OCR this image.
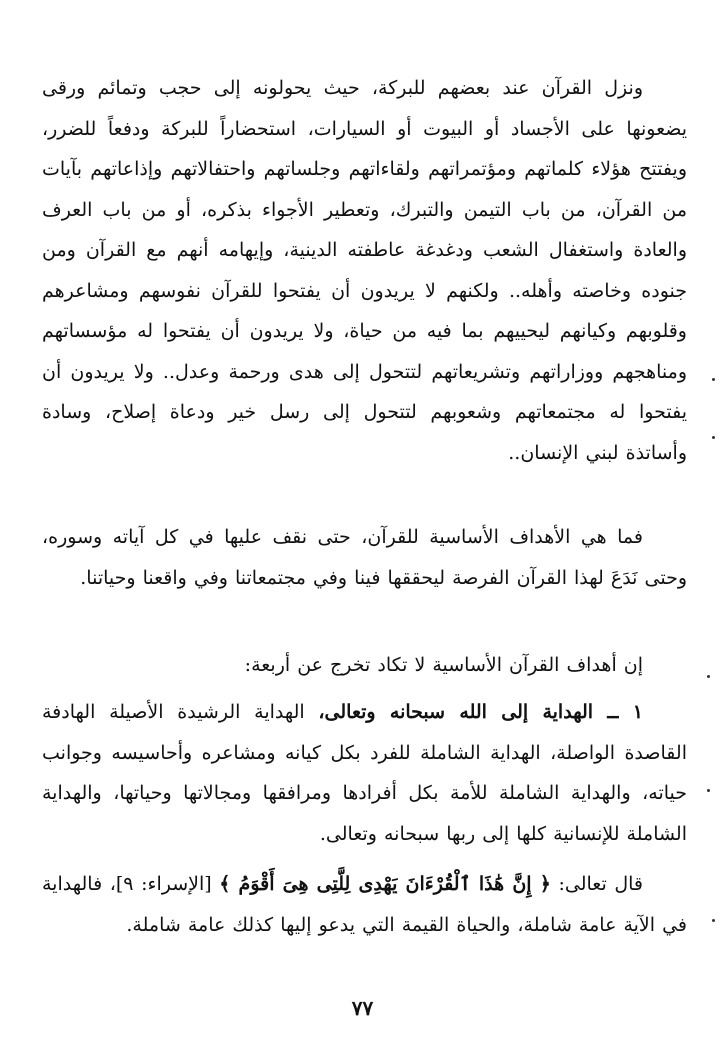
ونزل القرآن عند بعضهم للبركة، حيث يحولونه إلى حجب وتمائم ورقى يضعونها على الأجساد أو البيوت أو السيارات، استحضاراً للبركة ودفعاً للضرر، ويفتتح هؤلاء كلماتهم ومؤتمراتهم ولقاءاتهم وجلساتهم واحتفالاتهم وإذاعاتهم بآيات من القرآن، من باب التيمن والتبرك، وتعطير الأجواء بذكره، أو من باب العرف والعادة واستغفال الشعب ودغدغة عاطفته الدينية، وإيهامه أنهم مع القرآن ومن جنوده وخاصته وأهله.. ولكنهم لا يريدون أن يفتحوا للقرآن نفوسهم ومشاعرهم وقلوبهم وكيانهم ليحييهم بما فيه من حياة، ولا يريدون أن يفتحوا له مؤسساتهم ومناهجهم ووزاراتهم وتشريعاتهم لتتحول إلى هدى ورحمة وعدل.. ولا يريدون أن يفتحوا له مجتمعاتهم وشعوبهم لتتحول إلى رسل خير ودعاة إصلاح، وسادة وأساتذة لبني الإنسان..

فما هي الأهداف الأساسية للقرآن، حتى نقف عليها في كل آياته وسوره، وحتى نَدَعَ لهذا القرآن الفرصة ليحققها فينا وفي مجتمعاتنا وفي واقعنا وحياتنا.

إن أهداف القرآن الأساسية لا تكاد تخرج عن أربعة:

١ ــ الهداية إلى الله سبحانه وتعالى، الهداية الرشيدة الأصيلة الهادفة القاصدة الواصلة، الهداية الشاملة للفرد بكل كيانه ومشاعره وأحاسيسه وجوانب حياته، والهداية الشاملة للأمة بكل أفرادها ومرافقها ومجالاتها وحياتها، والهداية الشاملة للإنسانية كلها إلى ربها سبحانه وتعالى.

قال تعالى: ﴿ إِنَّ هَٰذَا ٱلْقُرْءَانَ يَهْدِى لِلَّتِى هِىَ أَقْوَمُ ﴾ [الإسراء: ٩]، فالهداية في الآية عامة شاملة، والحياة القيمة التي يدعو إليها كذلك عامة شاملة.

٧٧
